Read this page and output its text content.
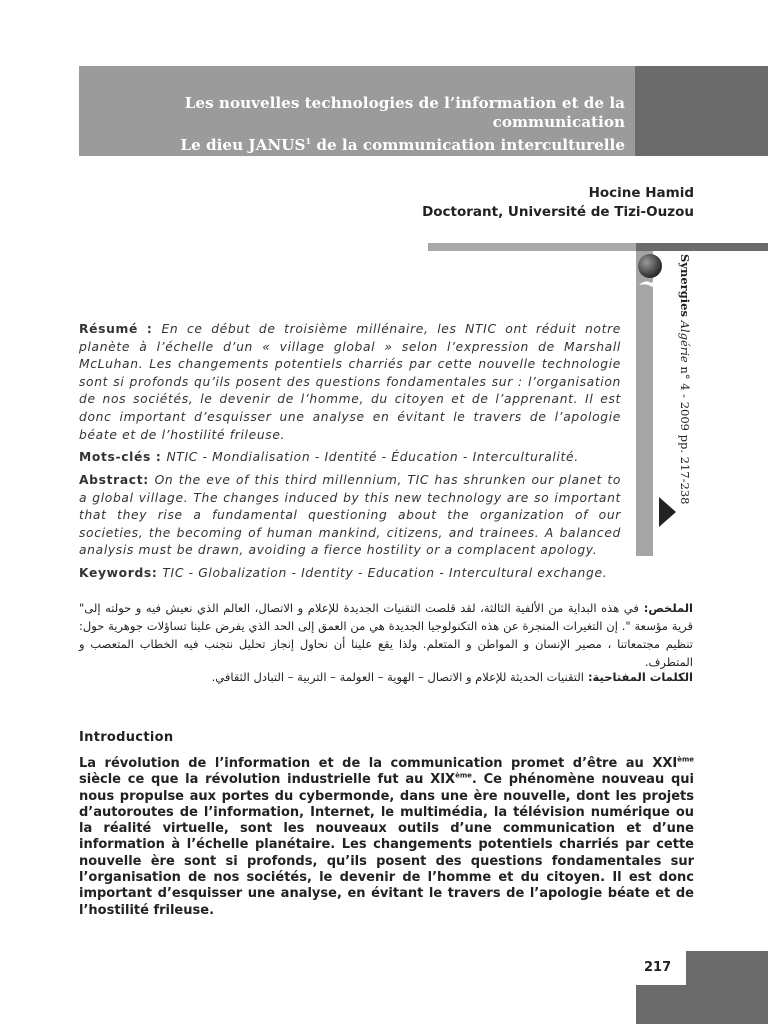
Les nouvelles technologies de l’information et de la communication
Le dieu JANUS$^1$ de la communication interculturelle
Hocine Hamid
Doctorant, Université de Tizi-Ouzou
Synergies Algérie n° 4 - 2009 pp. 217-238
Résumé : En ce début de troisième millénaire, les NTIC ont réduit notre planète à l’échelle d’un « village global » selon l’expression de Marshall McLuhan. Les changements potentiels charriés par cette nouvelle technologie sont si profonds qu’ils posent des questions fondamentales sur : l’organisation de nos sociétés, le devenir de l’homme, du citoyen et de l’apprenant. Il est donc important d’esquisser une analyse en évitant le travers de l’apologie béate et de l’hostilité frileuse.
Mots-clés : NTIC - Mondialisation - Identité - Éducation - Interculturalité.
Abstract: On the eve of this third millennium, TIC has shrunken our planet to a global village. The changes induced by this new technology are so important that they rise a fundamental questioning about the organization of our societies, the becoming of human mankind, citizens, and trainees. A balanced analysis must be drawn, avoiding a fierce hostility or a complacent apology.
Keywords: TIC - Globalization - Identity - Education - Intercultural exchange.
الملخص: في هذه البداية من الألفية الثالثة، لقد قلصت التقنيات الجديدة للإعلام و الاتصال، العالم الذي نعيش فيه و حولته إلى" قرية مؤسعة ". إن التغيرات المنجرة عن هذه التكنولوجيا الجديدة هي من العمق إلى الحد الذي يفرض علينا تساؤلات جوهرية حول: تنظيم مجتمعاتنا ، مصير الإنسان و المواطن و المتعلم. ولذا يقع علينا أن نحاول إنجاز تحليل نتجنب فيه الخطاب المتعصب و المتطرف.
الكلمات المفتاحية: التقنيات الحديثة للإعلام و الاتصال – الهوية – العولمة – التربية – التبادل الثقافي.
Introduction
La révolution de l’information et de la communication promet d’être au XXIème siècle ce que la révolution industrielle fut au XIXème. Ce phénomène nouveau qui nous propulse aux portes du cybermonde, dans une ère nouvelle, dont les projets d’autoroutes de l’information, Internet, le multimédia, la télévision numérique ou la réalité virtuelle, sont les nouveaux outils d’une communication et d’une information à l’échelle planétaire. Les changements potentiels charriés par cette nouvelle ère sont si profonds, qu’ils posent des questions fondamentales sur l’organisation de nos sociétés, le devenir de l’homme et du citoyen. Il est donc important d’esquisser une analyse, en évitant le travers de l’apologie béate et de l’hostilité frileuse.
217
